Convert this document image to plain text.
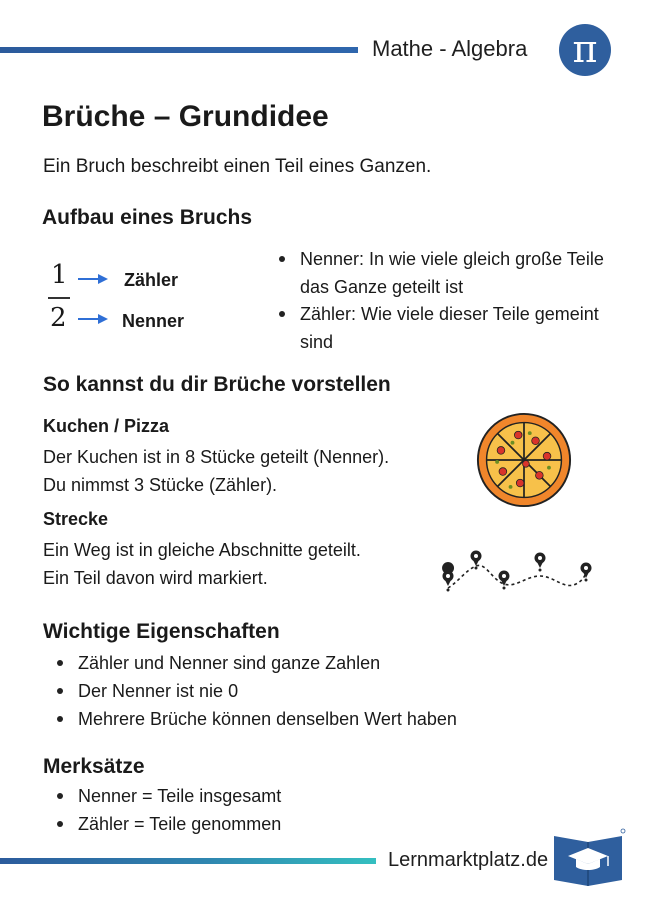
Mathe - Algebra	π
Brüche – Grundidee
Ein Bruch beschreibt einen Teil eines Ganzen.
Aufbau eines Bruchs
1
2
Zähler
Nenner
Nenner: In wie viele gleich große Teile das Ganze geteilt ist
Zähler: Wie viele dieser Teile gemeint sind
So kannst du dir Brüche vorstellen
Kuchen / Pizza
Der Kuchen ist in 8 Stücke geteilt (Nenner).
Du nimmst 3 Stücke (Zähler).
Strecke
Ein Weg ist in gleiche Abschnitte geteilt.
Ein Teil davon wird markiert.
Wichtige Eigenschaften
Zähler und Nenner sind ganze Zahlen
Der Nenner ist nie 0
Mehrere Brüche können denselben Wert haben
Merksätze
Nenner = Teile insgesamt
Zähler = Teile genommen
Lernmarktplatz.de
